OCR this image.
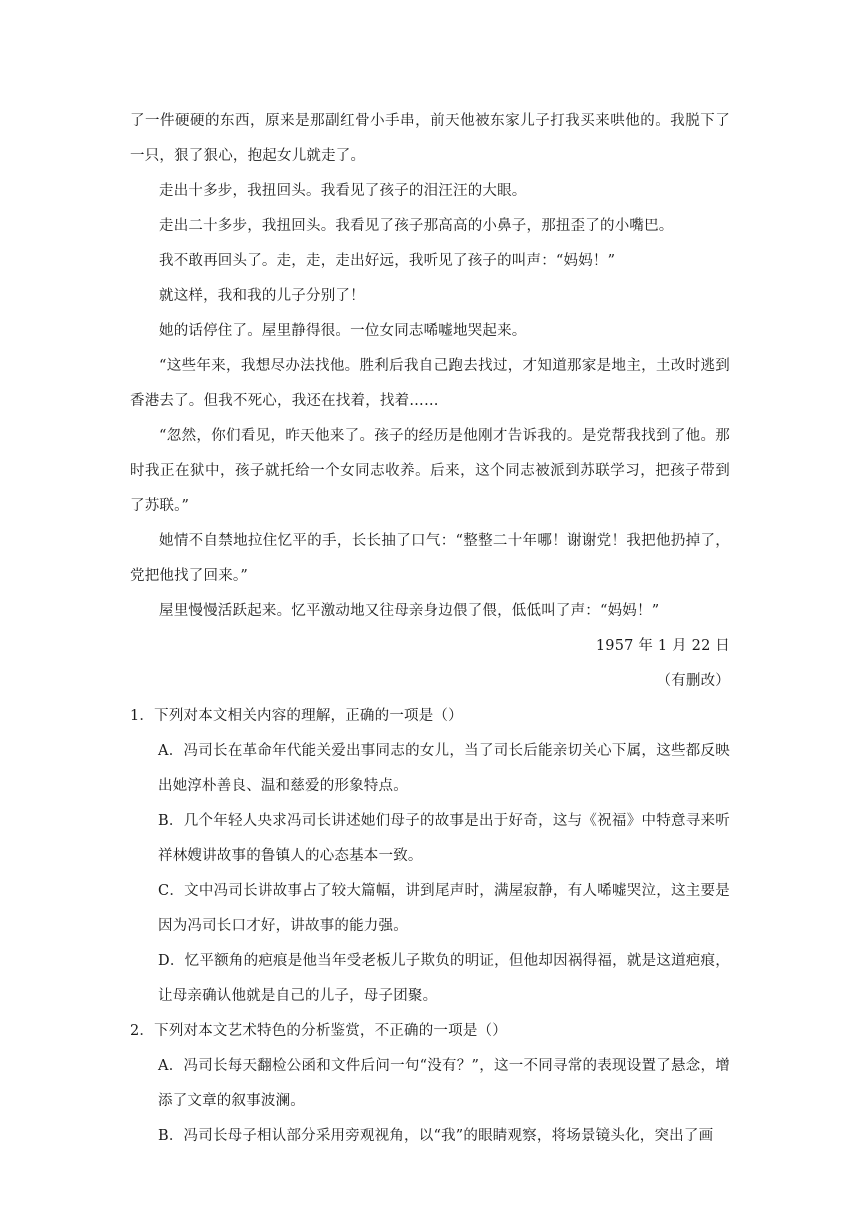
了一件硬硬的东西，原来是那副红骨小手串，前天他被东家儿子打我买来哄他的。我脱下了一只，狠了狠心，抱起女儿就走了。

走出十多步，我扭回头。我看见了孩子的泪汪汪的大眼。

走出二十多步，我扭回头。我看见了孩子那高高的小鼻子，那扭歪了的小嘴巴。

我不敢再回头了。走，走，走出好远，我听见了孩子的叫声：“妈妈！”

就这样，我和我的儿子分别了！

她的话停住了。屋里静得很。一位女同志唏嘘地哭起来。

“这些年来，我想尽办法找他。胜利后我自己跑去找过，才知道那家是地主，土改时逃到香港去了。但我不死心，我还在找着，找着……

“忽然，你们看见，昨天他来了。孩子的经历是他刚才告诉我的。是党帮我找到了他。那时我正在狱中，孩子就托给一个女同志收养。后来，这个同志被派到苏联学习，把孩子带到了苏联。”

她情不自禁地拉住忆平的手，长长抽了口气：“整整二十年哪！谢谢党！我把他扔掉了，党把他找了回来。”

屋里慢慢活跃起来。忆平激动地又往母亲身边偎了偎，低低叫了声：“妈妈！”

1957 年 1 月 22 日

（有删改）

1．下列对本文相关内容的理解，正确的一项是（）

A．冯司长在革命年代能关爱出事同志的女儿，当了司长后能亲切关心下属，这些都反映出她淳朴善良、温和慈爱的形象特点。

B．几个年轻人央求冯司长讲述她们母子的故事是出于好奇，这与《祝福》中特意寻来听祥林嫂讲故事的鲁镇人的心态基本一致。

C．文中冯司长讲故事占了较大篇幅，讲到尾声时，满屋寂静，有人唏嘘哭泣，这主要是因为冯司长口才好，讲故事的能力强。

D．忆平额角的疤痕是他当年受老板儿子欺负的明证，但他却因祸得福，就是这道疤痕，让母亲确认他就是自己的儿子，母子团聚。

2．下列对本文艺术特色的分析鉴赏，不正确的一项是（）

A．冯司长每天翻检公函和文件后问一句“没有？”，这一不同寻常的表现设置了悬念，增添了文章的叙事波澜。

B．冯司长母子相认部分采用旁观视角，以“我”的眼睛观察，将场景镜头化，突出了画
